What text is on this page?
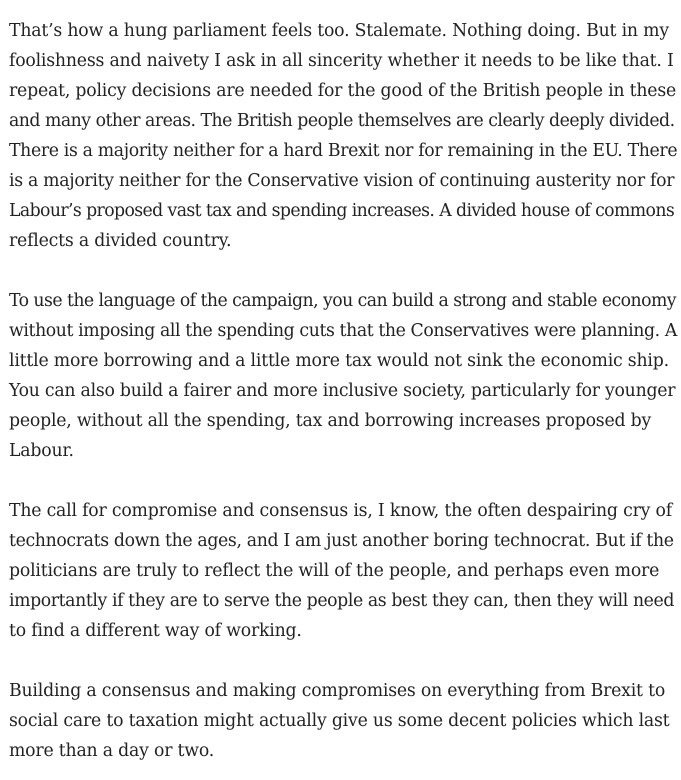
That’s how a hung parliament feels too. Stalemate. Nothing doing. But in my
foolishness and naivety I ask in all sincerity whether it needs to be like that. I
repeat, policy decisions are needed for the good of the British people in these
and many other areas. The British people themselves are clearly deeply divided.
There is a majority neither for a hard Brexit nor for remaining in the EU. There
is a majority neither for the Conservative vision of continuing austerity nor for
Labour’s proposed vast tax and spending increases. A divided house of commons
reflects a divided country.

To use the language of the campaign, you can build a strong and stable economy
without imposing all the spending cuts that the Conservatives were planning. A
little more borrowing and a little more tax would not sink the economic ship.
You can also build a fairer and more inclusive society, particularly for younger
people, without all the spending, tax and borrowing increases proposed by
Labour.

The call for compromise and consensus is, I know, the often despairing cry of
technocrats down the ages, and I am just another boring technocrat. But if the
politicians are truly to reflect the will of the people, and perhaps even more
importantly if they are to serve the people as best they can, then they will need
to find a different way of working.

Building a consensus and making compromises on everything from Brexit to
social care to taxation might actually give us some decent policies which last
more than a day or two.
